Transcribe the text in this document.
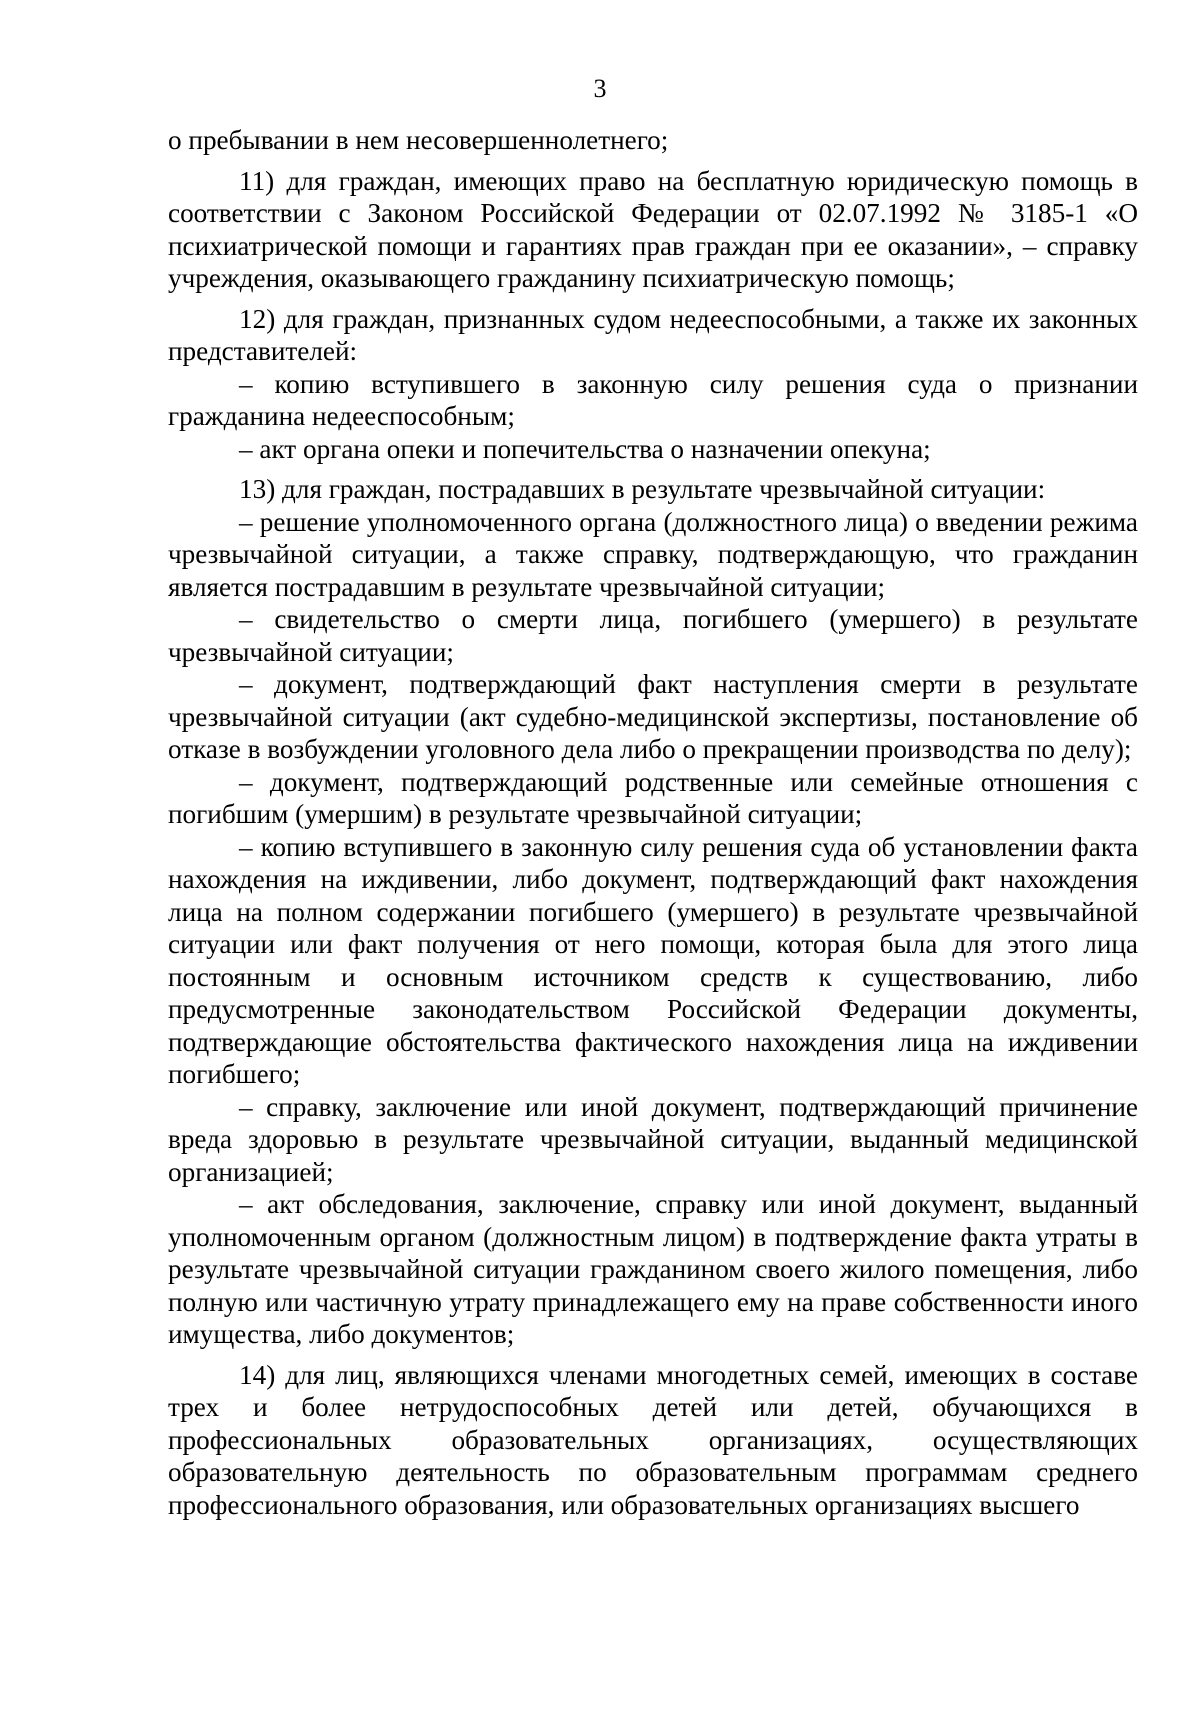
3

о пребывании в нем несовершеннолетнего;

11) для граждан, имеющих право на бесплатную юридическую помощь в соответствии с Законом Российской Федерации от 02.07.1992 № 3185-1 «О психиатрической помощи и гарантиях прав граждан при ее оказании», – справку учреждения, оказывающего гражданину психиатрическую помощь;

12) для граждан, признанных судом недееспособными, а также их законных представителей:

– копию вступившего в законную силу решения суда о признании гражданина недееспособным;

– акт органа опеки и попечительства о назначении опекуна;

13) для граждан, пострадавших в результате чрезвычайной ситуации:

– решение уполномоченного органа (должностного лица) о введении режима чрезвычайной ситуации, а также справку, подтверждающую, что гражданин является пострадавшим в результате чрезвычайной ситуации;

– свидетельство о смерти лица, погибшего (умершего) в результате чрезвычайной ситуации;

– документ, подтверждающий факт наступления смерти в результате чрезвычайной ситуации (акт судебно-медицинской экспертизы, постановление об отказе в возбуждении уголовного дела либо о прекращении производства по делу);

– документ, подтверждающий родственные или семейные отношения с погибшим (умершим) в результате чрезвычайной ситуации;

– копию вступившего в законную силу решения суда об установлении факта нахождения на иждивении, либо документ, подтверждающий факт нахождения лица на полном содержании погибшего (умершего) в результате чрезвычайной ситуации или факт получения от него помощи, которая была для этого лица постоянным и основным источником средств к существованию, либо предусмотренные законодательством Российской Федерации документы, подтверждающие обстоятельства фактического нахождения лица на иждивении погибшего;

– справку, заключение или иной документ, подтверждающий причинение вреда здоровью в результате чрезвычайной ситуации, выданный медицинской организацией;

– акт обследования, заключение, справку или иной документ, выданный уполномоченным органом (должностным лицом) в подтверждение факта утраты в результате чрезвычайной ситуации гражданином своего жилого помещения, либо полную или частичную утрату принадлежащего ему на праве собственности иного имущества, либо документов;

14) для лиц, являющихся членами многодетных семей, имеющих в составе трех и более нетрудоспособных детей или детей, обучающихся в профессиональных образовательных организациях, осуществляющих образовательную деятельность по образовательным программам среднего профессионального образования, или образовательных организациях высшего
